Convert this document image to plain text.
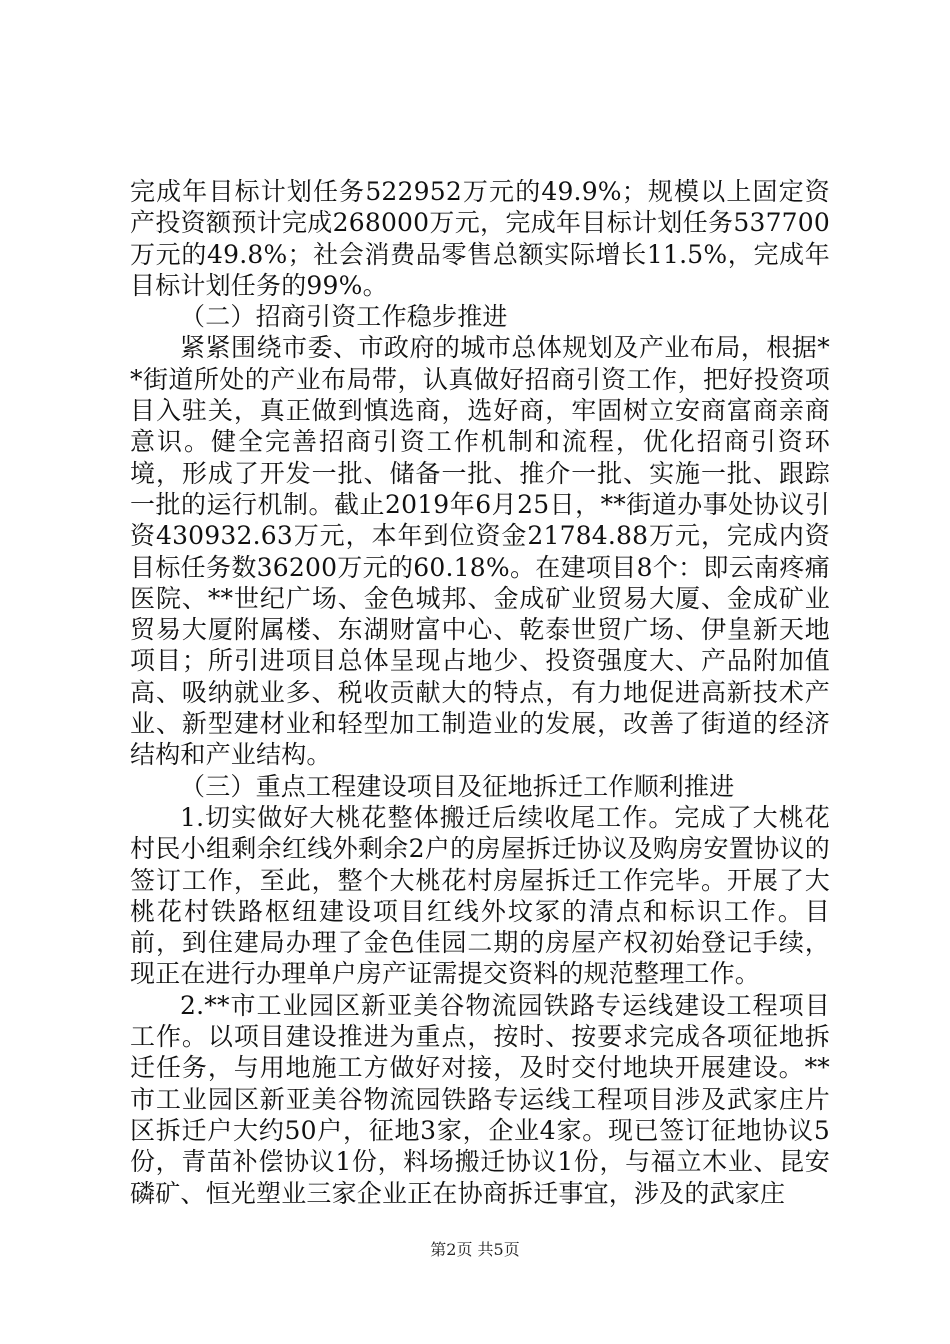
完成年目标计划任务522952万元的49.9%；规模以上固定资产投资额预计完成268000万元，完成年目标计划任务537700万元的49.8%；社会消费品零售总额实际增长11.5%，完成年目标计划任务的99%。

（二）招商引资工作稳步推进

紧紧围绕市委、市政府的城市总体规划及产业布局，根据**街道所处的产业布局带，认真做好招商引资工作，把好投资项目入驻关，真正做到慎选商，选好商，牢固树立安商富商亲商意识。健全完善招商引资工作机制和流程，优化招商引资环境，形成了开发一批、储备一批、推介一批、实施一批、跟踪一批的运行机制。截止2019年6月25日，**街道办事处协议引资430932.63万元，本年到位资金21784.88万元，完成内资目标任务数36200万元的60.18%。在建项目8个：即云南疼痛医院、**世纪广场、金色城邦、金成矿业贸易大厦、金成矿业贸易大厦附属楼、东湖财富中心、乾泰世贸广场、伊皇新天地项目；所引进项目总体呈现占地少、投资强度大、产品附加值高、吸纳就业多、税收贡献大的特点，有力地促进高新技术产业、新型建材业和轻型加工制造业的发展，改善了街道的经济结构和产业结构。

（三）重点工程建设项目及征地拆迁工作顺利推进

1.切实做好大桃花整体搬迁后续收尾工作。完成了大桃花村民小组剩余红线外剩余2户的房屋拆迁协议及购房安置协议的签订工作，至此，整个大桃花村房屋拆迁工作完毕。开展了大桃花村铁路枢纽建设项目红线外坟冢的清点和标识工作。目前，到住建局办理了金色佳园二期的房屋产权初始登记手续，现正在进行办理单户房产证需提交资料的规范整理工作。

2.**市工业园区新亚美谷物流园铁路专运线建设工程项目工作。以项目建设推进为重点，按时、按要求完成各项征地拆迁任务，与用地施工方做好对接，及时交付地块开展建设。**市工业园区新亚美谷物流园铁路专运线工程项目涉及武家庄片区拆迁户大约50户，征地3家，企业4家。现已签订征地协议5份，青苗补偿协议1份，料场搬迁协议1份，与福立木业、昆安磷矿、恒光塑业三家企业正在协商拆迁事宜，涉及的武家庄

第2页 共5页
